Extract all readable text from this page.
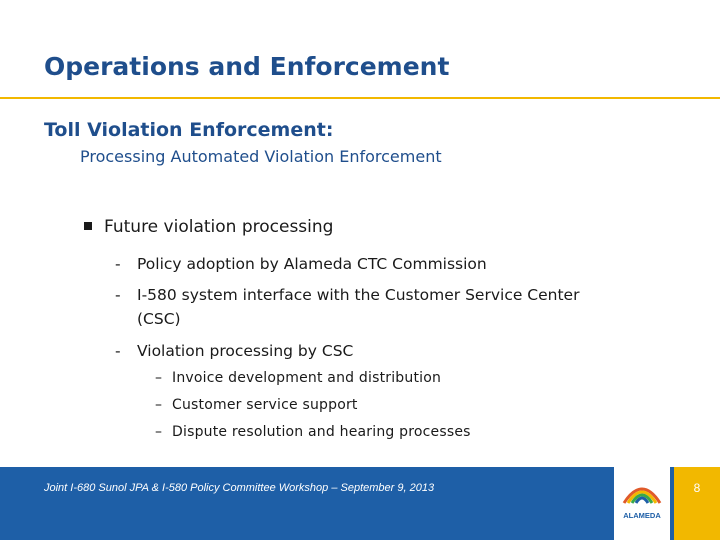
Operations and Enforcement
Toll Violation Enforcement:
Processing Automated Violation Enforcement
Future violation processing
- Policy adoption by Alameda CTC Commission
- I-580 system interface with the Customer Service Center
(CSC)
- Violation processing by CSC
– Invoice development and distribution
– Customer service support
– Dispute resolution and hearing processes
Joint I-680 Sunol JPA & I-580 Policy Committee Workshop – September 9, 2013
ALAMEDA
8
